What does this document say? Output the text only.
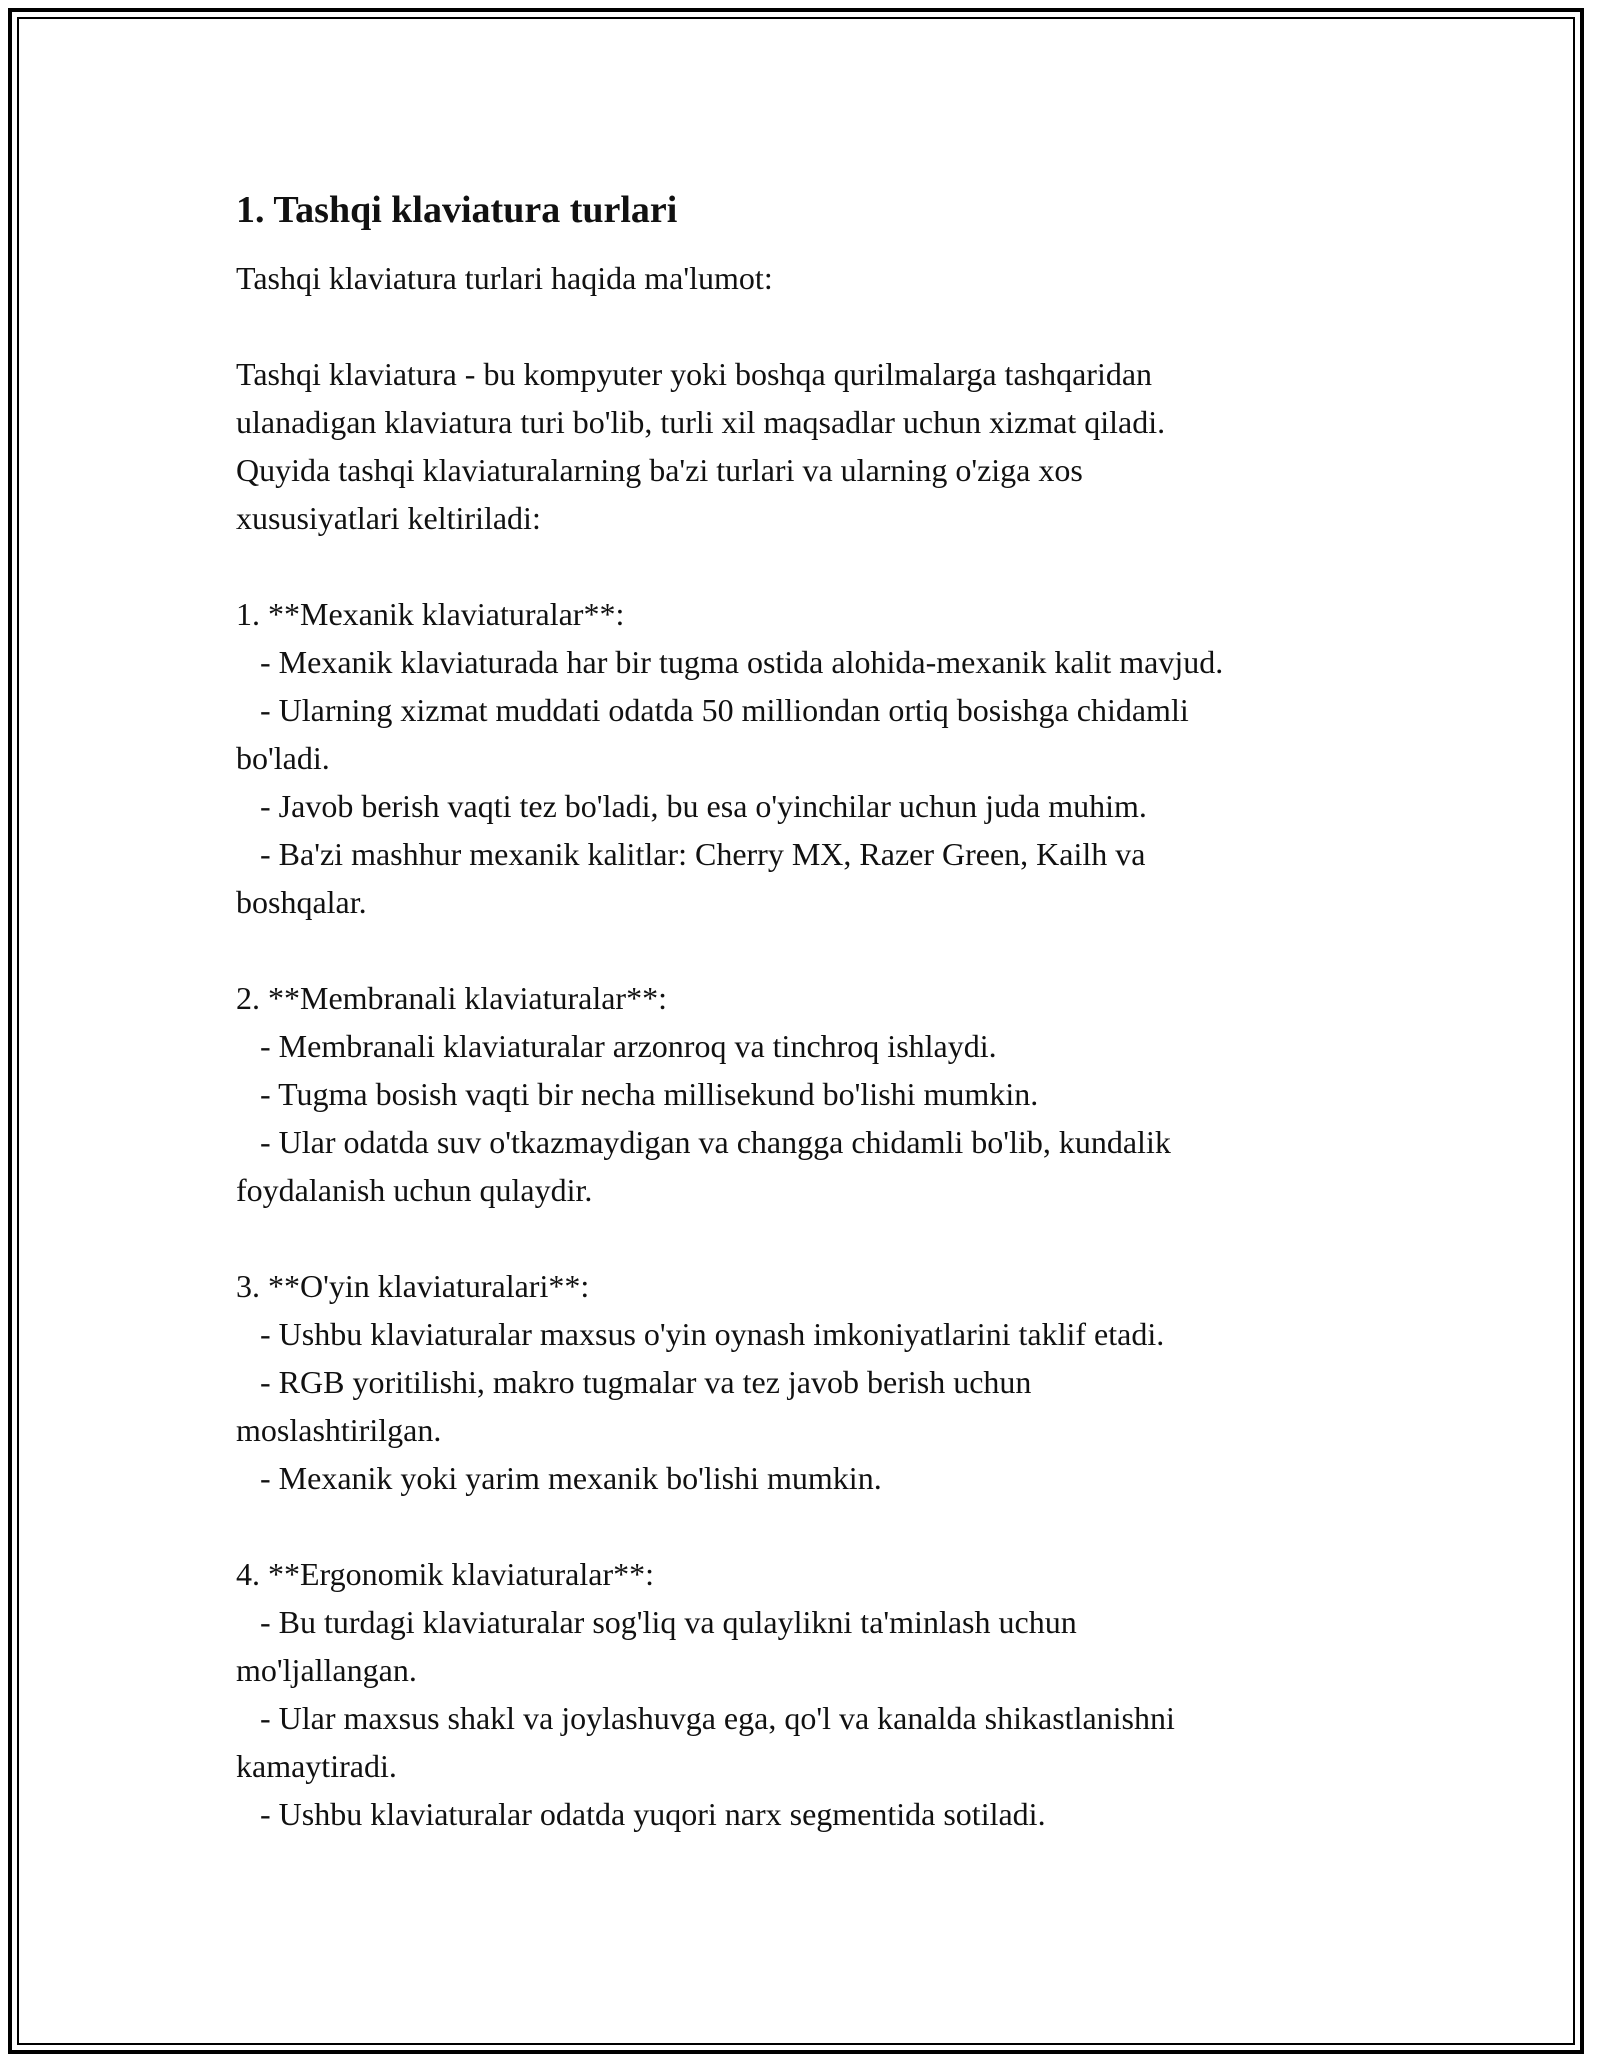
1. Tashqi klaviatura turlari

Tashqi klaviatura turlari haqida ma'lumot:

Tashqi klaviatura - bu kompyuter yoki boshqa qurilmalarga tashqaridan
ulanadigan klaviatura turi bo'lib, turli xil maqsadlar uchun xizmat qiladi.
Quyida tashqi klaviaturalarning ba'zi turlari va ularning o'ziga xos
xususiyatlari keltiriladi:

1. **Mexanik klaviaturalar**:

- Mexanik klaviaturada har bir tugma ostida alohida-mexanik kalit mavjud.
- Ularning xizmat muddati odatda 50 milliondan ortiq bosishga chidamli
bo'ladi.
- Javob berish vaqti tez bo'ladi, bu esa o'yinchilar uchun juda muhim.
- Ba'zi mashhur mexanik kalitlar: Cherry MX, Razer Green, Kailh va
boshqalar.

2. **Membranali klaviaturalar**:

- Membranali klaviaturalar arzonroq va tinchroq ishlaydi.
- Tugma bosish vaqti bir necha millisekund bo'lishi mumkin.
- Ular odatda suv o'tkazmaydigan va changga chidamli bo'lib, kundalik
foydalanish uchun qulaydir.

3. **O'yin klaviaturalari**:

- Ushbu klaviaturalar maxsus o'yin oynash imkoniyatlarini taklif etadi.
- RGB yoritilishi, makro tugmalar va tez javob berish uchun
moslashtirilgan.
- Mexanik yoki yarim mexanik bo'lishi mumkin.

4. **Ergonomik klaviaturalar**:

- Bu turdagi klaviaturalar sog'liq va qulaylikni ta'minlash uchun
mo'ljallangan.
- Ular maxsus shakl va joylashuvga ega, qo'l va kanalda shikastlanishni
kamaytiradi.
- Ushbu klaviaturalar odatda yuqori narx segmentida sotiladi.
